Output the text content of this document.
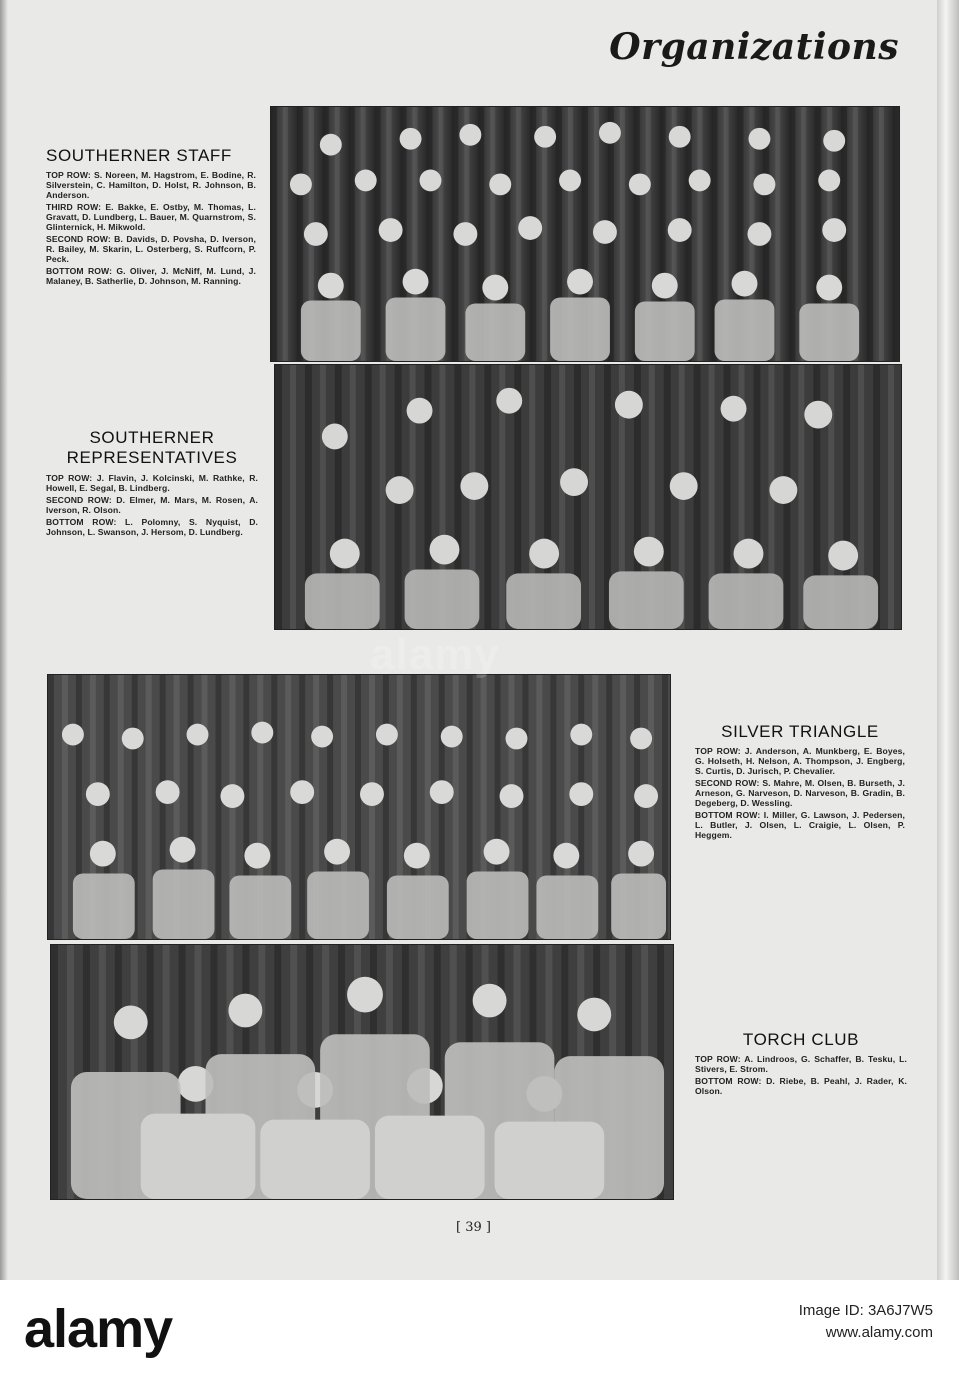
Organizations
SOUTHERNER STAFF

TOP ROW: S. Noreen, M. Hagstrom, E. Bodine, R. Silverstein, C. Hamilton, D. Holst, R. Johnson, B. Anderson.

THIRD ROW: E. Bakke, E. Ostby, M. Thomas, L. Gravatt, D. Lundberg, L. Bauer, M. Quarnstrom, S. Glinternick, H. Mikwold.

SECOND ROW: B. Davids, D. Povsha, D. Iverson, R. Bailey, M. Skarin, L. Osterberg, S. Ruffcorn, P. Peck.

BOTTOM ROW: G. Oliver, J. McNiff, M. Lund, J. Malaney, B. Satherlie, D. Johnson, M. Ranning.

SOUTHERNER REPRESENTATIVES

TOP ROW: J. Flavin, J. Kolcinski, M. Rathke, R. Howell, E. Segal, B. Lindberg.

SECOND ROW: D. Elmer, M. Mars, M. Rosen, A. Iverson, R. Olson.

BOTTOM ROW: L. Polomny, S. Nyquist, D. Johnson, L. Swanson, J. Hersom, D. Lundberg.

SILVER TRIANGLE

TOP ROW: J. Anderson, A. Munkberg, E. Boyes, G. Holseth, H. Nelson, A. Thompson, J. Engberg, S. Curtis, D. Jurisch, P. Chevalier.

SECOND ROW: S. Mahre, M. Olsen, B. Burseth, J. Arneson, G. Narveson, D. Narveson, B. Gradin, B. Degeberg, D. Wessling.

BOTTOM ROW: I. Miller, G. Lawson, J. Pedersen, L. Butler, J. Olsen, L. Craigie, L. Olsen, P. Heggem.

TORCH CLUB

TOP ROW: A. Lindroos, G. Schaffer, B. Tesku, L. Stivers, E. Strom.

BOTTOM ROW: D. Riebe, B. Peahl, J. Rader, K. Olson.

alamy
[ 39 ]
alamy	Image ID: 3A6J7W5
www.alamy.com
